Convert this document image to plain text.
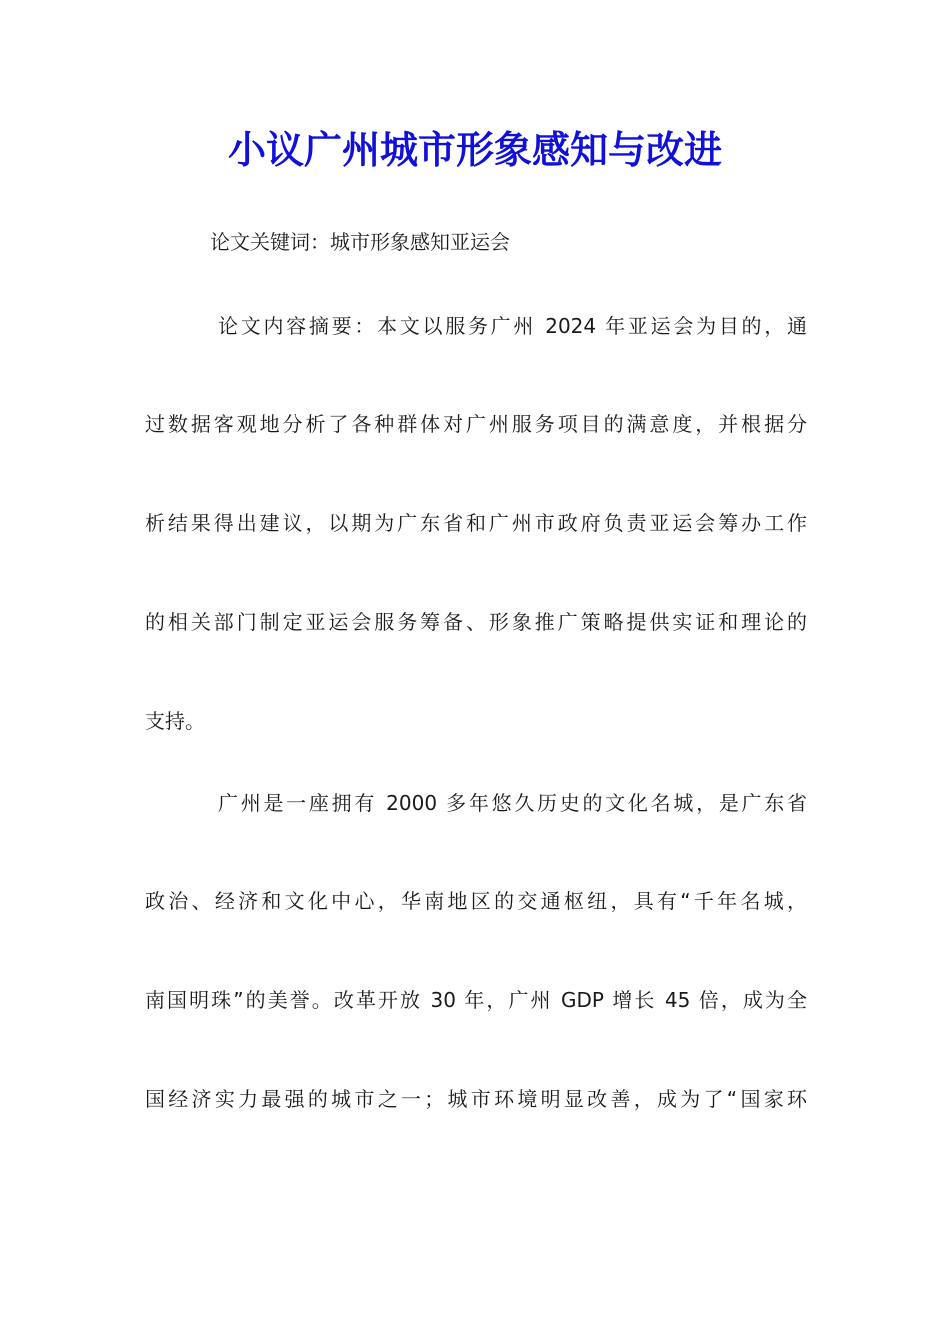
小议广州城市形象感知与改进
论文关键词：城市形象感知亚运会
论文内容摘要：本文以服务广州 2024 年亚运会为目的，通
过数据客观地分析了各种群体对广州服务项目的满意度，并根据分
析结果得出建议，以期为广东省和广州市政府负责亚运会筹办工作
的相关部门制定亚运会服务筹备、形象推广策略提供实证和理论的
支持。
广州是一座拥有 2000 多年悠久历史的文化名城，是广东省
政治、经济和文化中心，华南地区的交通枢纽，具有“千年名城，
南国明珠”的美誉。改革开放 30 年，广州 GDP 增长 45 倍，成为全
国经济实力最强的城市之一；城市环境明显改善，成为了“国家环
